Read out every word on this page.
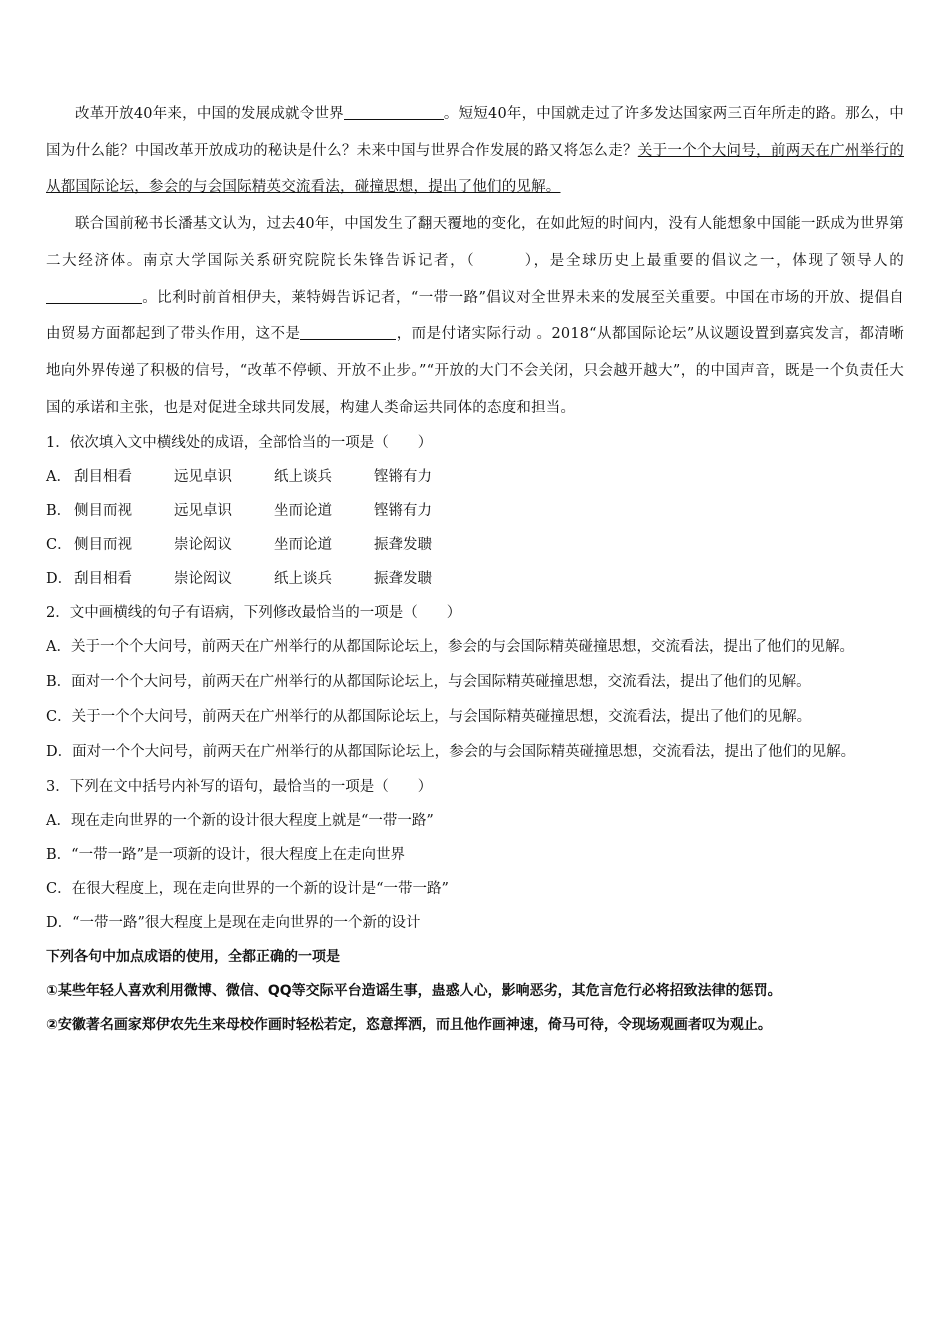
改革开放40年来，中国的发展成就令世界	。短短40年，中国就走过了许多发达国家两三百年所走的路。那么，中国为什么能？中国改革开放成功的秘诀是什么？未来中国与世界合作发展的路又将怎么走？关于一个个大问号，前两天在广州举行的从都国际论坛，参会的与会国际精英交流看法，碰撞思想，提出了他们的见解。

联合国前秘书长潘基文认为，过去40年，中国发生了翻天覆地的变化，在如此短的时间内，没有人能想象中国能一跃成为世界第二大经济体。南京大学国际关系研究院院长朱锋告诉记者，（	），是全球历史上最重要的倡议之一，体现了领导人的。比利时前首相伊夫，莱特姆告诉记者，“一带一路”倡议对全世界未来的发展至关重要。中国在市场的开放、提倡自由贸易方面都起到了带头作用，这不是	，而是付诸实际行动 。2018“从都国际论坛”从议题设置到嘉宾发言，都清晰地向外界传递了积极的信号，“改革不停顿、开放不止步。”“开放的大门不会关闭，只会越开越大”，的中国声音，既是一个负责任大国的承诺和主张，也是对促进全球共同发展，构建人类命运共同体的态度和担当。

1．依次填入文中横线处的成语，全部恰当的一项是（　　）

A． 刮目相看	远见卓识	纸上谈兵	铿锵有力

B． 侧目而视	远见卓识	坐而论道	铿锵有力

C． 侧目而视	崇论闳议	坐而论道	振聋发聩

D． 刮目相看	崇论闳议	纸上谈兵	振聋发聩

2．文中画横线的句子有语病，下列修改最恰当的一项是（　　）

A．关于一个个大问号，前两天在广州举行的从都国际论坛上，参会的与会国际精英碰撞思想，交流看法，提出了他们的见解。

B．面对一个个大问号，前两天在广州举行的从都国际论坛上，与会国际精英碰撞思想，交流看法，提出了他们的见解。

C．关于一个个大问号，前两天在广州举行的从都国际论坛上，与会国际精英碰撞思想，交流看法，提出了他们的见解。

D．面对一个个大问号，前两天在广州举行的从都国际论坛上，参会的与会国际精英碰撞思想，交流看法，提出了他们的见解。

3．下列在文中括号内补写的语句，最恰当的一项是（　　）

A．现在走向世界的一个新的设计很大程度上就是“一带一路”

B．“一带一路”是一项新的设计，很大程度上在走向世界

C．在很大程度上，现在走向世界的一个新的设计是“一带一路”

D．“一带一路”很大程度上是现在走向世界的一个新的设计

下列各句中加点成语的使用，全都正确的一项是

①某些年轻人喜欢利用微博、微信、QQ等交际平台造谣生事，蛊惑人心，影响恶劣，其危言危行必将招致法律的惩罚。

②安徽著名画家郑伊农先生来母校作画时轻松若定，恣意挥洒，而且他作画神速，倚马可待，令现场观画者叹为观止。
